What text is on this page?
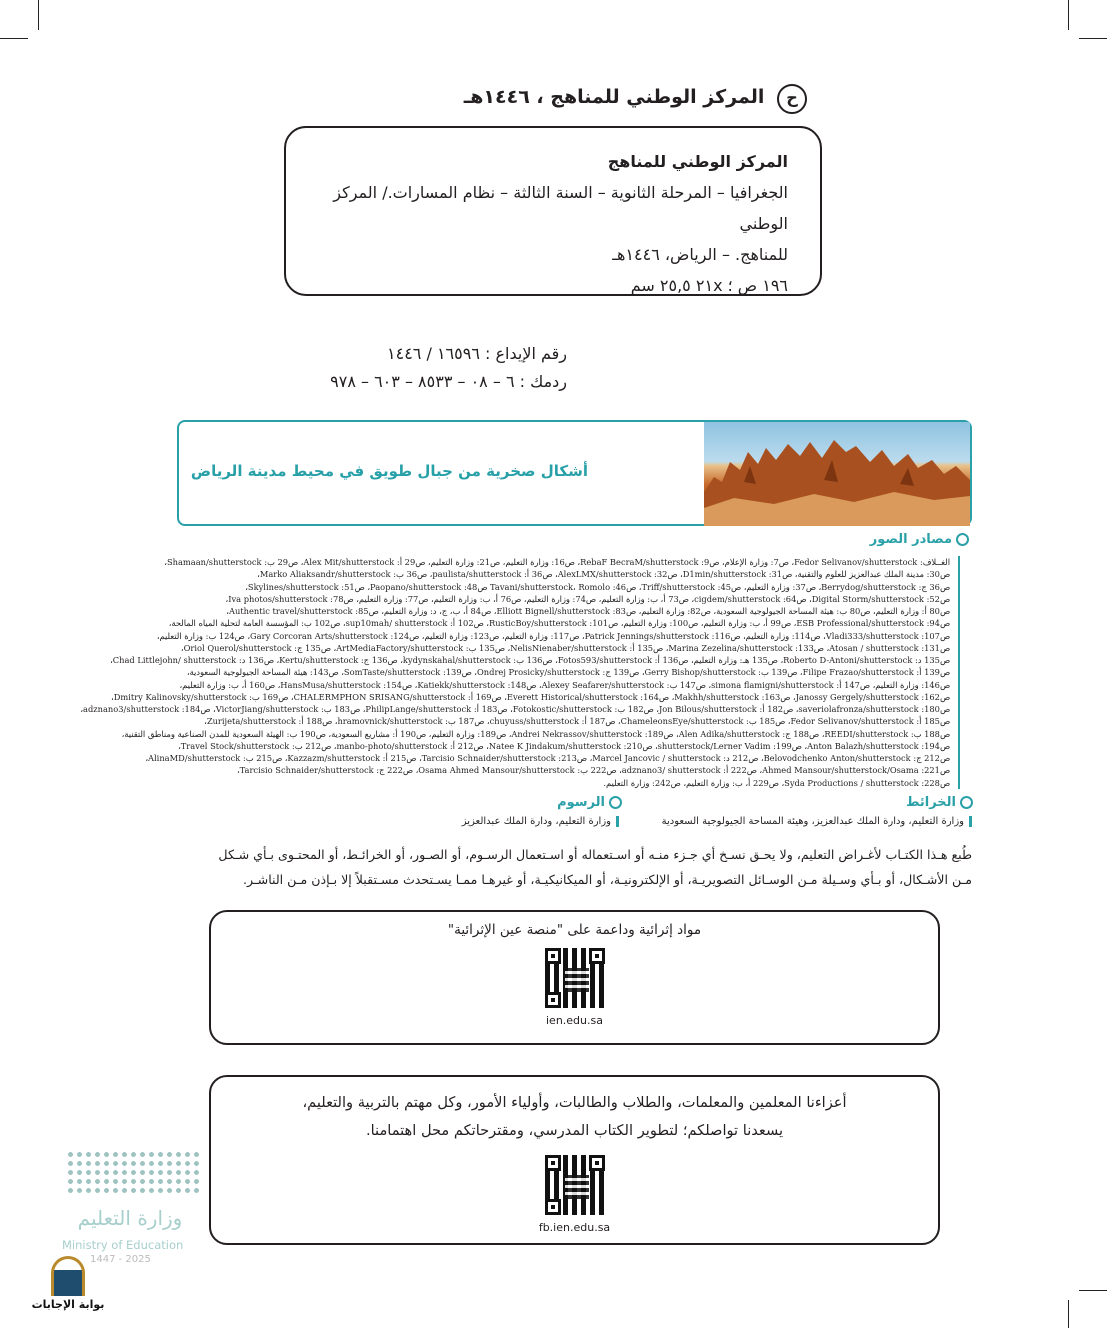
ح المركز الوطني للمناهج ، ١٤٤٦هـ
المركز الوطني للمناهج
الجغرافيا – المرحلة الثانوية – السنة الثالثة – نظام المسارات./ المركز الوطني
للمناهج. – الرياض، ١٤٤٦هـ
١٩٦ ص ؛ ٢١x ٢٥,٥ سم
رقم الإيداع : ١٦٥٩٦ / ١٤٤٦
ردمك : ٦ – ٠٨ – ٨٥٣٣ – ٦٠٣ – ٩٧٨
أشكال صخرية من جبال طويق في محيط مدينة الرياض
مصادر الصور
الغــلاف: Fedor Selivanov/shutterstock، ص7: وزارة الإعلام، ص9: RebaF BecraM/shutterstock، ص16: وزارة التعليم، ص21: وزارة التعليم، ص29 أ: Alex Mit/shutterstock، ص29 ب: Shamaan/shutterstock،
ص30: مدينة الملك عبدالعزيز للعلوم والتقنية، ص31: D1min/shutterstock، ص32: AlexLMX/shutterstock، ص36 أ: paulista/shutterstock، ص36 ب: Marko Aliaksandr/shutterstock،
ص36 ج: Berrydog/shutterstock، ص37: وزارة التعليم، ص45: Triff/shutterstock، ص46: Tavani/shutterstock، Romolo ص48: Paopano/shutterstock، ص51: Skylines/shutterstock،
ص52: Digital Storm/shutterstock، ص64: cigdem/shutterstock، ص73 أ، ب: وزارة التعليم، ص74: وزارة التعليم، ص76 أ، ب: وزارة التعليم، ص77: وزارة التعليم، ص78: Iva photos/shutterstock،
ص80 أ: وزارة التعليم، ص80 ب: هيئة المساحة الجيولوجية السعودية، ص82: وزارة التعليم، ص83: Elliott Bignell/shutterstock، ص84 أ، ب، ج، د: وزارة التعليم، ص85: Authentic travel/shutterstock،
ص94: ESB Professional/shutterstock، ص99 أ، ب: وزارة التعليم، ص100: وزارة التعليم، ص101: RusticBoy/shutterstock، ص102 أ: sup10mah/ shutterstock، ص102 ب: المؤسسة العامة لتحلية المياه المالحة،
ص107: Vladi333/shutterstock، ص114: وزارة التعليم، ص116: Patrick Jennings/shutterstock، ص117: وزارة التعليم، ص123: وزارة التعليم، ص124: Gary Corcoran Arts/shutterstock، ص124 ب: وزارة التعليم،
ص131: Atosan / shutterstock، ص133: Marina Zezelina/shutterstock، ص135 أ: NelisNienaber/shutterstock، ص135 ب: ArtMediaFactory/shutterstock، ص135 ج: Oriol Querol/shutterstock،
ص135 د: Roberto D-Antoni/shutterstock، ص135 هـ: وزارة التعليم، ص136 أ: Fotos593/shutterstock، ص136 ب: kydynskahal/shutterstock، ص136 ج: Kertu/shutterstock، ص136 د: Chad Littlejohn/ shutterstock،
ص139 أ: Filipe Frazao/shutterstock، ص139 ب: Gerry Bishop/shutterstock، ص139 ج: Ondrej Prosicky/shutterstock، ص139: SomTaste/shutterstock، ص143: هيئة المساحة الجيولوجية السعودية،
ص146: وزارة التعليم، ص147 أ: simona flamigni/shutterstock، ص147 ب: Alexey Seafarer/shutterstock، ص148: Katiekk/shutterstock، ص154: HansMusa/shutterstock، ص160 أ، ب: وزارة التعليم،
ص162: Janossy Gergely/shutterstock، ص163: Makhh/shutterstock، ص164: Everett Historical/shutterstock، ص169 أ: CHALERMPHON SRISANG/shutterstock، ص169 ب: Dmitry Kalinovsky/shutterstock،
ص180: saveriolafronza/shutterstock، ص182 أ: Jon Bilous/shutterstock، ص182 ب: Fotokostic/shutterstock، ص183 أ: PhilipLange/shutterstock، ص183 ب: VictorJiang/shutterstock، ص184: adznano3/shutterstock،
ص185 أ: Fedor Selivanov/shutterstock، ص185 ب: ChameleonsEye/shutterstock، ص187 أ: chuyuss/shutterstock، ص187 ب: hramovnick/shutterstock، ص188 أ: Zurijeta/shutterstock،
ص188 ب: REEDI/shutterstock، ص188 ج: Alen Adika/shutterstock، ص189: Andrei Nekrassov/shutterstock، ص189: وزارة التعليم، ص190 أ: مشاريع السعودية، ص190 ب: الهيئة السعودية للمدن الصناعية ومناطق التقنية،
ص194: Anton Balazh/shutterstock، ص199: shutterstock/Lerner Vadim، ص210: Natee K Jindakum/shutterstock، ص212 أ: manbo-photo/shutterstock، ص212 ب: Travel Stock/shutterstock،
ص212 ج: Belovodchenko Anton/shutterstock، ص212 د: Marcel Jancovic / shutterstock، ص213: Tarcisio Schnaider/shutterstock، ص215 أ: Kazzazm/shutterstock، ص215 ب: AlinaMD/shutterstock،
ص221: Ahmed Mansour/shutterstock/Osama، ص222 أ: adznano3/ shutterstock، ص222 ب: Osama Ahmed Mansour/shutterstock، ص222 ج: Tarcisio Schnaider/shutterstock،
ص228: Syda Productions / shutterstock، ص229 أ، ب: وزارة التعليم، ص242: وزارة التعليم.
الخرائط
وزارة التعليم، ودارة الملك عبدالعزيز، وهيئة المساحة الجيولوجية السعودية
الرسوم
وزارة التعليم، ودارة الملك عبدالعزيز
طُبع هـذا الكتـاب لأغـراض التعليم، ولا يحـق نسـخ أي جـزء منـه أو اسـتعماله أو اسـتعمال الرسـوم، أو الصـور، أو الخرائـط، أو المحتـوى بـأي شـكل
مـن الأشـكال، أو بـأي وسـيلة مـن الوسـائل التصويريـة، أو الإلكترونيـة، أو الميكانيكيـة، أو غيرهـا ممـا يسـتحدث مسـتقبلاً إلا بـإذن مـن الناشـر.
مواد إثرائية وداعمة على "منصة عين الإثرائية"
ien.edu.sa
أعزاءنا المعلمين والمعلمات، والطلاب والطالبات، وأولياء الأمور، وكل مهتم بالتربية والتعليم،
يسعدنا تواصلكم؛ لتطوير الكتاب المدرسي، ومقترحاتكم محل اهتمامنا.
fb.ien.edu.sa
وزارة التعليم
Ministry of Education
2025 - 1447
بوابة الإجابات
